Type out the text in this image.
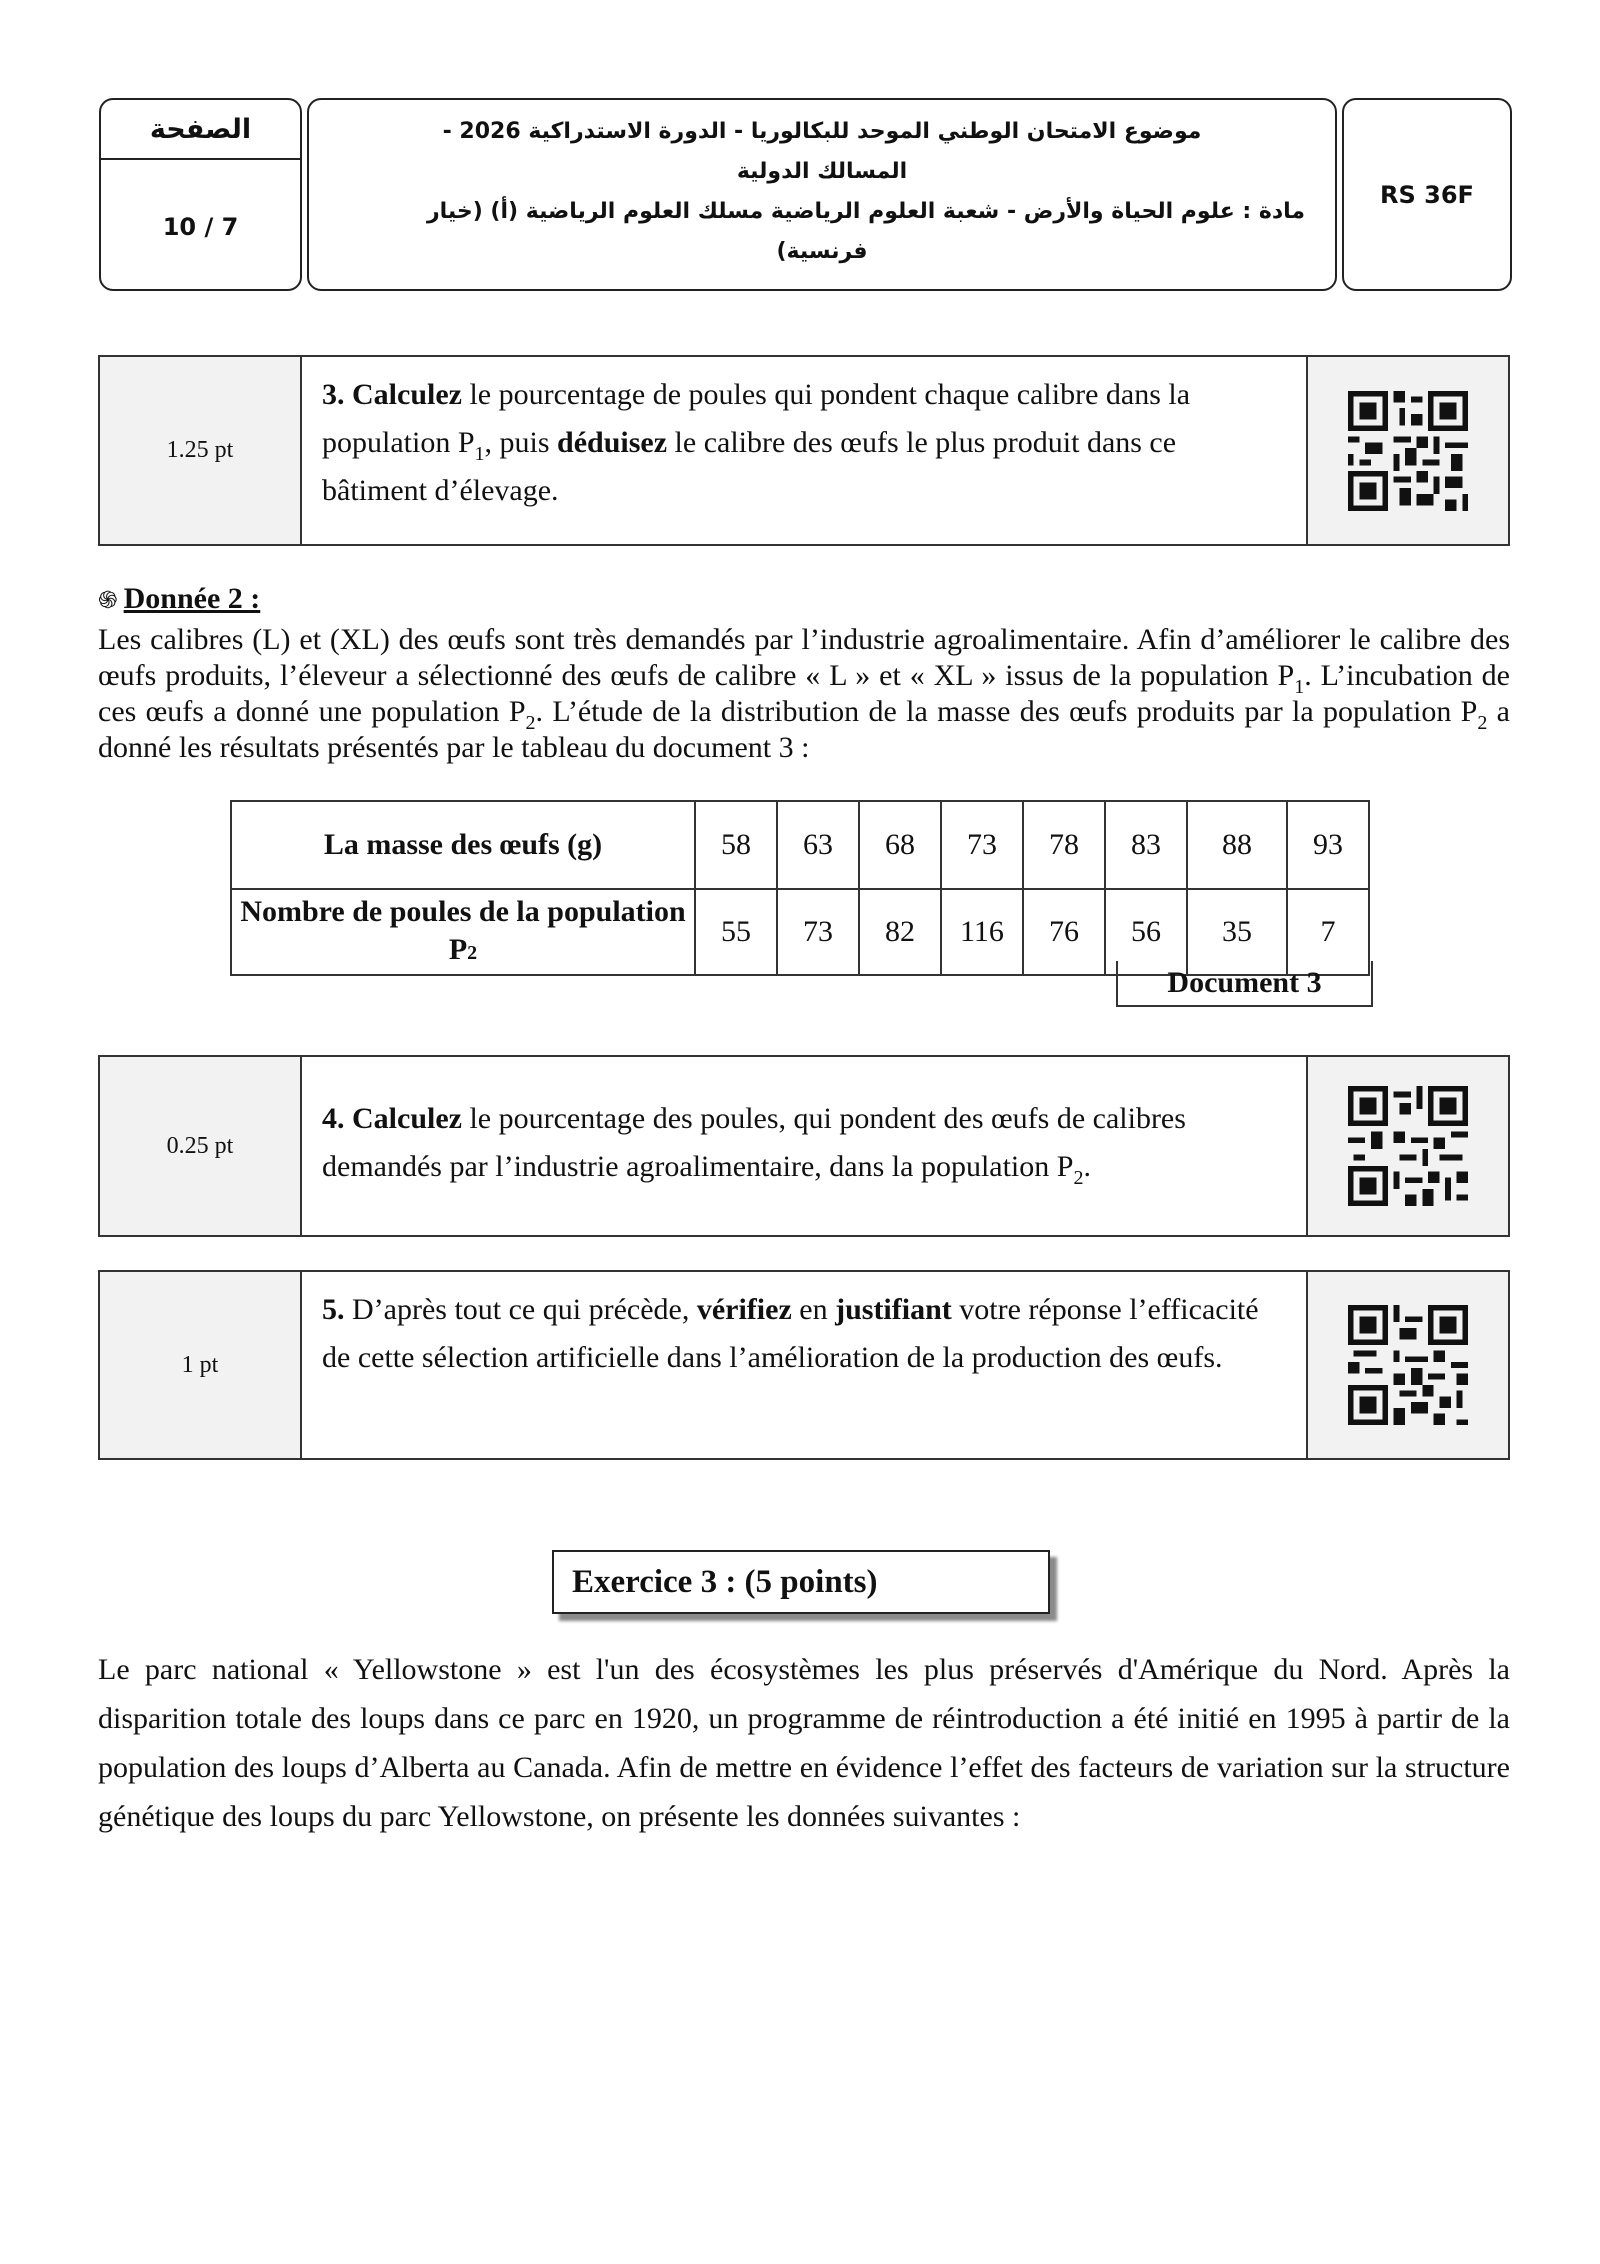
الصفحة
10 / 7

موضوع الامتحان الوطني الموحد للبكالوريا - الدورة الاستدراكية 2026 -

المسالك الدولية

مادة : علوم الحياة والأرض - شعبة العلوم الرياضية مسلك العلوم الرياضية (أ) (خيار

فرنسية)

RS 36F
1.25 pt
3. Calculez le pourcentage de poules qui pondent chaque calibre dans la population $P_1$, puis déduisez le calibre des œufs le plus produit dans ce bâtiment d’élevage.
֍ Donnée 2 :

Les calibres (L) et (XL) des œufs sont très demandés par l’industrie agroalimentaire. Afin d’améliorer le calibre des œufs produits, l’éleveur a sélectionné des œufs de calibre « L » et « XL » issus de la population $P_1$. L’incubation de ces œufs a donné une population $P_2$. L’étude de la distribution de la masse des œufs produits par la population $P_2$ a donné les résultats présentés par le tableau du document 3 :

La masse des œufs (g)	58	63	68	73	78	83	88	93
Nombre de poules de la population P2	55	73	82	116	76	56	35	7
Document 3
0.25 pt
4. Calculez le pourcentage des poules, qui pondent des œufs de calibres demandés par l’industrie agroalimentaire, dans la population $P_2$.
1 pt
5. D’après tout ce qui précède, vérifiez en justifiant votre réponse l’efficacité de cette sélection artificielle dans l’amélioration de la production des œufs.
Exercice 3 : (5 points)

Le parc national « Yellowstone » est l'un des écosystèmes les plus préservés d'Amérique du Nord. Après la disparition totale des loups dans ce parc en 1920, un programme de réintroduction a été initié en 1995 à partir de la population des loups d’Alberta au Canada. Afin de mettre en évidence l’effet des facteurs de variation sur la structure génétique des loups du parc Yellowstone, on présente les données suivantes :
